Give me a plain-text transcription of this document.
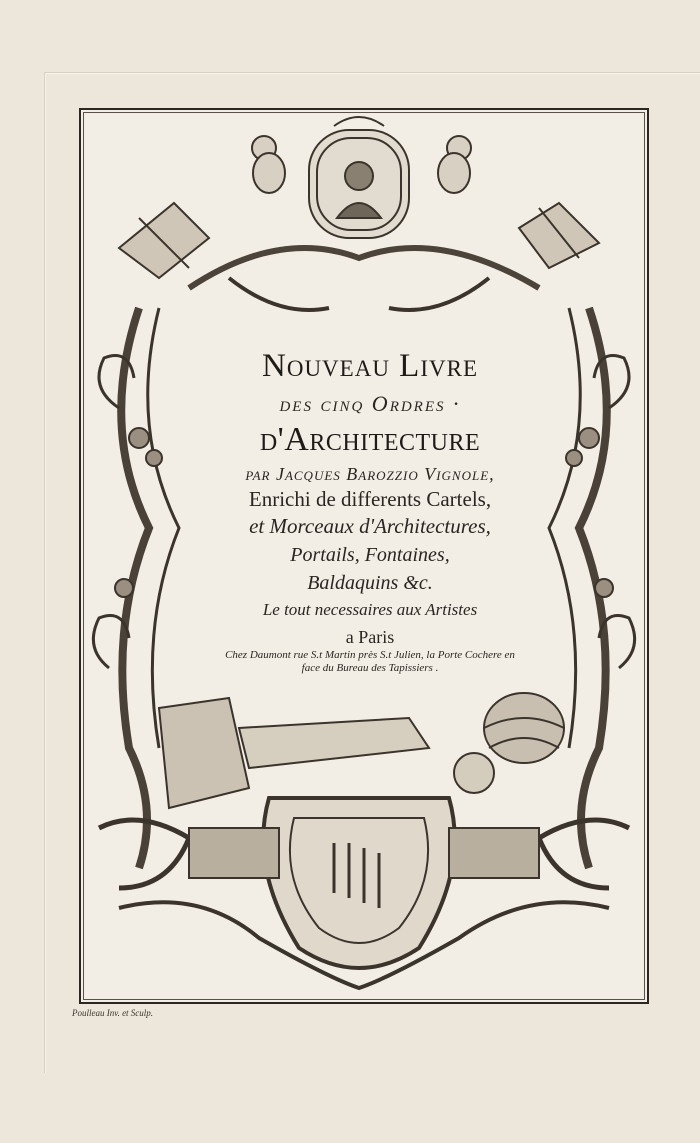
Nouveau Livre
des cinq Ordres ·
d'Architecture
par Jacques Barozzio Vignole,
Enrichi de differents Cartels,
et Morceaux d'Architectures,
Portails, Fontaines,
Baldaquins &c.
Le tout necessaires aux Artistes
a Paris
Chez Daumont rue S.t Martin près S.t Julien, la Porte Cochere en
face du Bureau des Tapissiers .
Poulleau Inv. et Sculp.
